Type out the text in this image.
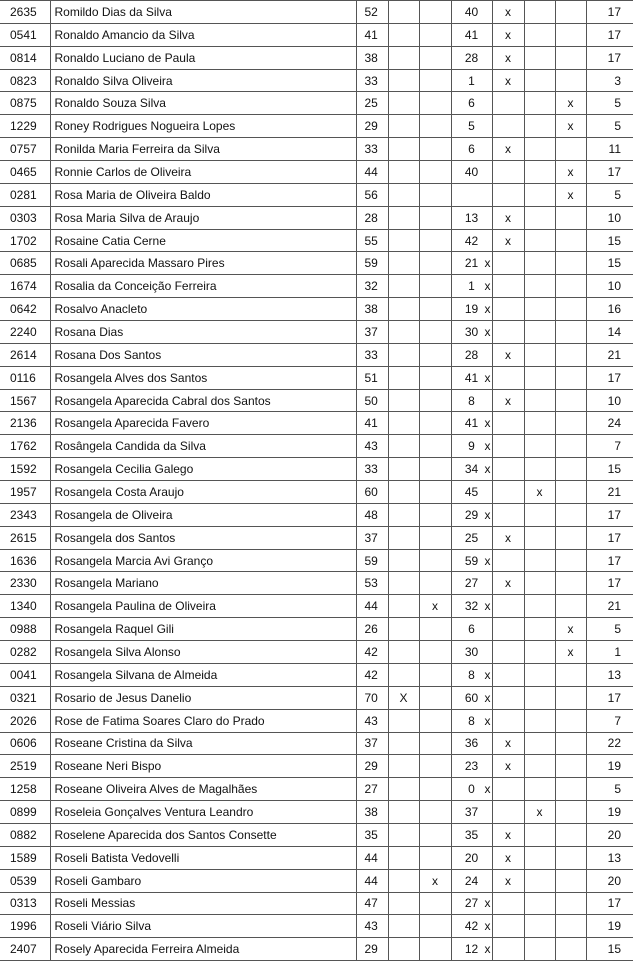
2635	Romildo Dias da Silva	52			40	x			17
0541	Ronaldo Amancio da Silva	41			41	x			17
0814	Ronaldo Luciano de Paula	38			28	x			17
0823	Ronaldo Silva Oliveira	33			1	x			3
0875	Ronaldo Souza Silva	25			6			x	5
1229	Roney Rodrigues Nogueira Lopes	29			5			x	5
0757	Ronilda Maria Ferreira da Silva	33			6	x			11
0465	Ronnie Carlos de Oliveira	44			40			x	17
0281	Rosa Maria de Oliveira Baldo	56						x	5
0303	Rosa Maria Silva de Araujo	28			13	x			10
1702	Rosaine Catia Cerne	55			42	x			15
0685	Rosali Aparecida Massaro Pires	59			21	x			15
1674	Rosalia da Conceição Ferreira	32			1	x			10
0642	Rosalvo Anacleto	38			19	x			16
2240	Rosana Dias	37			30	x			14
2614	Rosana Dos Santos	33			28	x			21
0116	Rosangela Alves dos Santos	51			41	x			17
1567	Rosangela Aparecida Cabral dos Santos	50			8	x			10
2136	Rosangela Aparecida Favero	41			41	x			24
1762	Rosângela Candida da Silva	43			9	x			7
1592	Rosangela Cecilia Galego	33			34	x			15
1957	Rosangela Costa Araujo	60			45		x		21
2343	Rosangela de Oliveira	48			29	x			17
2615	Rosangela dos Santos	37			25	x			17
1636	Rosangela Marcia Avi Granço	59			59	x			17
2330	Rosangela Mariano	53			27	x			17
1340	Rosangela Paulina de Oliveira	44		x	32	x			21
0988	Rosangela Raquel Gili	26			6			x	5
0282	Rosangela Silva Alonso	42			30			x	1
0041	Rosangela Silvana de Almeida	42			8	x			13
0321	Rosario de Jesus Danelio	70	X		60	x			17
2026	Rose de Fatima Soares Claro do Prado	43			8	x			7
0606	Roseane Cristina da Silva	37			36	x			22
2519	Roseane Neri Bispo	29			23	x			19
1258	Roseane Oliveira Alves de Magalhães	27			0	x			5
0899	Roseleia Gonçalves Ventura Leandro	38			37		x		19
0882	Roselene Aparecida dos Santos Consette	35			35	x			20
1589	Roseli Batista Vedovelli	44			20	x			13
0539	Roseli Gambaro	44		x	24	x			20
0313	Roseli Messias	47			27	x			17
1996	Roseli Viário Silva	43			42	x			19
2407	Rosely Aparecida Ferreira Almeida	29			12	x			15
